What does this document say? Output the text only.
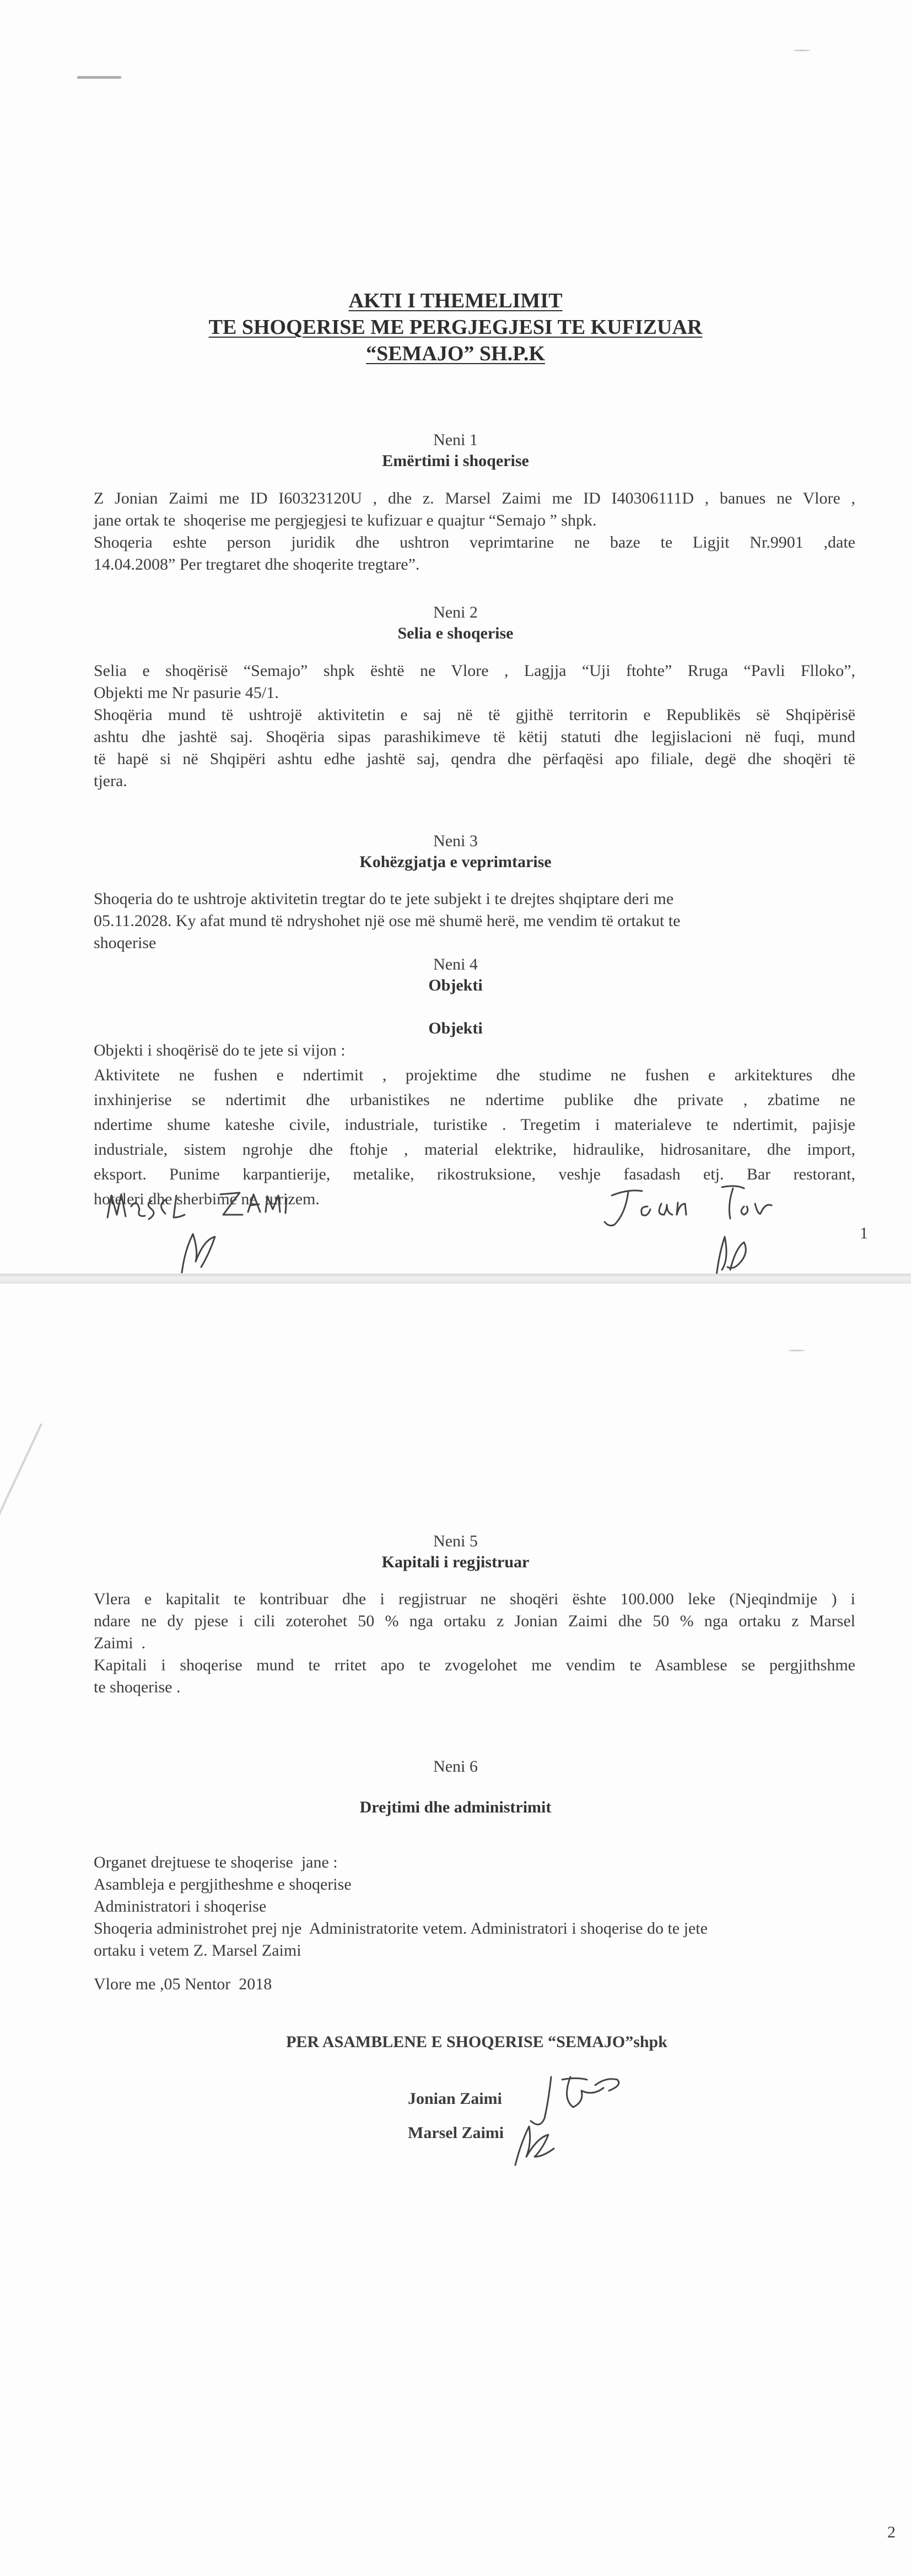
AKTI I THEMELIMIT
TE SHOQERISE ME PERGJEGJESI TE KUFIZUAR
“SEMAJO” SH.P.K
Neni 1
Emërtimi i shoqerise
Z Jonian Zaimi me ID I60323120U , dhe z. Marsel Zaimi me ID I40306111D , banues ne Vlore ,
jane ortak te  shoqerise me pergjegjesi te kufizuar e quajtur “Semajo ” shpk.
Shoqeria eshte person juridik dhe ushtron veprimtarine ne baze te Ligjit Nr.9901 ,date
14.04.2008” Per tregtaret dhe shoqerite tregtare”.
Neni 2
Selia e shoqerise
Selia e shoqërisë “Semajo” shpk është ne Vlore , Lagjja “Uji ftohte” Rruga “Pavli Flloko”,
Objekti me Nr pasurie 45/1.
Shoqëria mund të ushtrojë aktivitetin e saj në të gjithë territorin e Republikës së Shqipërisë
ashtu dhe jashtë saj. Shoqëria sipas parashikimeve të këtij statuti dhe legjislacioni në fuqi, mund
të hapë si në Shqipëri ashtu edhe jashtë saj, qendra dhe përfaqësi apo filiale, degë dhe shoqëri të
tjera.
Neni 3
Kohëzgjatja e veprimtarise
Shoqeria do te ushtroje aktivitetin tregtar do te jete subjekt i te drejtes shqiptare deri me
05.11.2028. Ky afat mund të ndryshohet një ose më shumë herë, me vendim të ortakut te
shoqerise
Neni 4
Objekti
Objekti
Objekti i shoqërisë do te jete si vijon :
Aktivitete ne fushen e ndertimit , projektime dhe studime ne fushen e arkitektures dhe
inxhinjerise se ndertimit dhe urbanistikes ne ndertime publike dhe private , zbatime ne
ndertime shume kateshe civile, industriale, turistike . Tregetim i materialeve te ndertimit, pajisje
industriale, sistem ngrohje dhe ftohje , material elektrike, hidraulike, hidrosanitare, dhe import,
eksport. Punime karpantierije, metalike, rikostruksione, veshje fasadash etj. Bar restorant,
hoteleri dhe sherbime ne  turizem.
1
Neni 5
Kapitali i regjistruar
Vlera e kapitalit te kontribuar dhe i regjistruar ne shoqëri ështe 100.000 leke (Njeqindmije ) i
ndare ne dy pjese i cili zoterohet 50 % nga ortaku z Jonian Zaimi dhe 50 % nga ortaku z Marsel
Zaimi  .
Kapitali i shoqerise mund te rritet apo te zvogelohet me vendim te Asamblese se pergjithshme
te shoqerise .
Neni 6
Drejtimi dhe administrimit
Organet drejtuese te shoqerise  jane :
Asambleja e pergjitheshme e shoqerise
Administratori i shoqerise
Shoqeria administrohet prej nje  Administratorite vetem. Administratori i shoqerise do te jete
ortaku i vetem Z. Marsel Zaimi
Vlore me ,05 Nentor  2018
PER ASAMBLENE E SHOQERISE “SEMAJO”shpk
Jonian Zaimi
Marsel Zaimi
2
